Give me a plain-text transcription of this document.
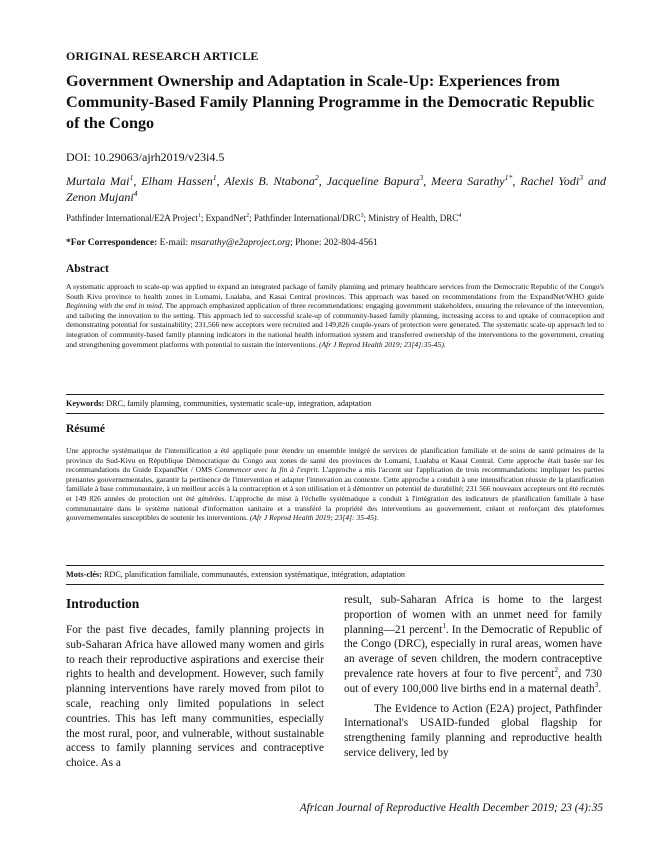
ORIGINAL RESEARCH ARTICLE
Government Ownership and Adaptation in Scale-Up: Experiences from Community-Based Family Planning Programme in the Democratic Republic of the Congo
DOI: 10.29063/ajrh2019/v23i4.5
Murtala Mai$^1$, Elham Hassen$^1$, Alexis B. Ntabona$^2$, Jacqueline Bapura$^3$, Meera Sarathy$^{1*}$, Rachel Yodi$^3$ and Zenon Mujani$^4$
Pathfinder International/E2A Project$^1$; ExpandNet$^2$; Pathfinder International/DRC$^3$; Ministry of Health, DRC$^4$
*For Correspondence: E-mail: msarathy@e2aproject.org; Phone: 202-804-4561
Abstract

A systematic approach to scale-up was applied to expand an integrated package of family planning and primary healthcare services from the Democratic Republic of the Congo's South Kivu province to health zones in Lomami, Lualaba, and Kasai Central provinces. This approach was based on recommendations from the ExpandNet/WHO guide Beginning with the end in mind. The approach emphasized application of three recommendations: engaging government stakeholders, ensuring the relevance of the intervention, and tailoring the innovation to the setting. This approach led to successful scale-up of community-based family planning, increasing access to and uptake of contraception and demonstrating potential for sustainability; 231,566 new acceptors were recruited and 149,826 couple-years of protection were generated. The systematic scale-up approach led to integration of community-based family planning indicators in the national health information system and transferred ownership of the interventions to the government, creating and strengthening government platforms with potential to sustain the interventions. (Afr J Reprod Health 2019; 23[4]:35-45).

Keywords: DRC, family planning, communities, systematic scale-up, integration, adaptation
Résumé

Une approche systématique de l'intensification a été appliquée pour étendre un ensemble intégré de services de planification familiale et de soins de santé primaires de la province du Sud-Kivu en République Démocratique du Congo aux zones de santé des provinces de Lomami, Lualaba et Kasai Central. Cette approche était basée sur les recommandations du Guide ExpandNet / OMS Commencer avec la fin à l'esprit. L'approche a mis l'accent sur l'application de trois recommandations: impliquer les parties prenantes gouvernementales, garantir la pertinence de l'intervention et adapter l'innovation au contexte. Cette approche a conduit à une intensification réussie de la planification familiale à base communautaire, à un meilleur accès à la contraception et à son utilisation et à démontrer un potentiel de durabilité; 231 566 nouveaux accepteurs ont été recrutés et 149 826 années de protection ont été générées. L'approche de mise à l'échelle systématique a conduit à l'intégration des indicateurs de planification familiale à base communautaire dans le système national d'information sanitaire et a transféré la propriété des interventions au gouvernement, créant et renforçant des plateformes gouvernementales susceptibles de soutenir les interventions. (Afr J Reprod Health 2019; 23[4]: 35-45).

Mots-clés: RDC, planification familiale, communautés, extension systématique, intégration, adaptation
Introduction

For the past five decades, family planning projects in sub-Saharan Africa have allowed many women and girls to reach their reproductive aspirations and exercise their rights to health and development. However, such family planning interventions have rarely moved from pilot to scale, reaching only limited populations in select countries. This has left many communities, especially the most rural, poor, and vulnerable, without sustainable access to family planning services and contraceptive choice. As a

result, sub-Saharan Africa is home to the largest proportion of women with an unmet need for family planning—21 percent$^1$. In the Democratic of Republic of the Congo (DRC), especially in rural areas, women have an average of seven children, the modern contraceptive prevalence rate hovers at four to five percent$^2$, and 730 out of every 100,000 live births end in a maternal death$^3$.

The Evidence to Action (E2A) project, Pathfinder International's USAID-funded global flagship for strengthening family planning and reproductive health service delivery, led by

African Journal of Reproductive Health December 2019; 23 (4):35
